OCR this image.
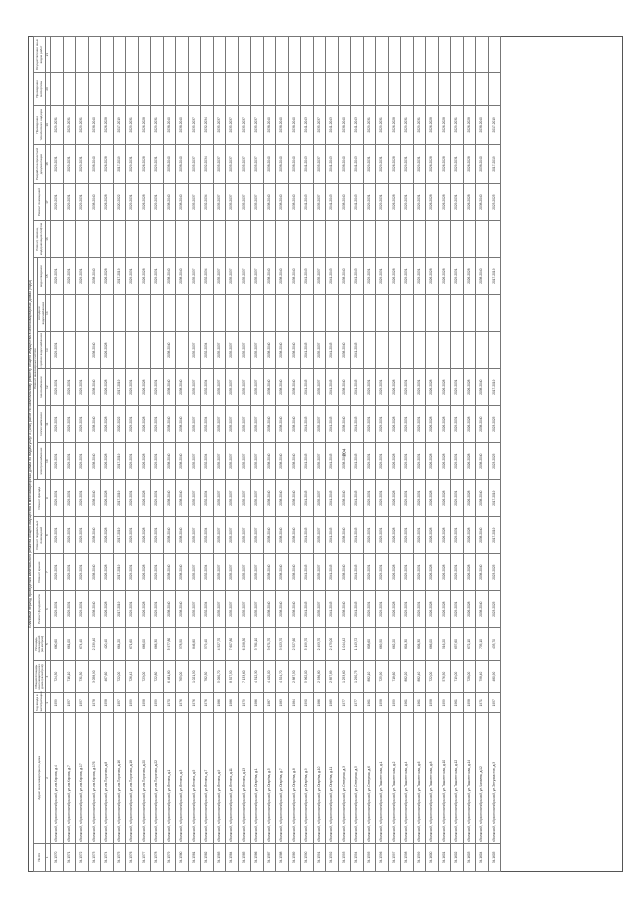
204
Плановый период проведения капитального ремонта общего имущества в многоквартирных домах по видам услуг и (или) работ по капитальному ремонту общего имущества в многоквартирных домах (годы)
№ п/п	Адрес многоквартирного дома	Год ввода в эксплуатацию	Общая площадь многоквартирного дома (кв.метров)	Площадь помещений (кв.метров)	Ремонт фундамента	Ремонт крыши	Ремонт подвальных помещений	Ремонт фасада	Ремонт инженерных систем						Ремонт, замена, модернизация лифтов	Ремонт помещений	Разработка проектной документации	Проведение технического надзора	Проведение экспертизы	Осуществление иных видов работ
									электроснабжение	теплоснабжение	газоснабжение	горячее водоснабжение	холодное водоснабжение	водоотведение						
1	2	3	4	5	6	7	8	9	10	11	12	13	14	15	16	17	18	19	20	21
34.1570	г.Волжский, п.Краснооктябрьский, ул.им.Кирова, д.4	1959	724,30	660,60	2029-2031	2029-2031	2029-2031	2029-2031	2029-2031	2029-2031	2029-2031	2029-2031		2029-2031		2029-2031	2029-2031	2029-2031		
34.1571	г.Волжский, п.Краснооктябрьский, ул.им.Кирова, д.7	1957	716,10	661,00	2029-2031	2029-2031	2029-2031	2029-2031	2029-2031	2029-2031	2029-2031			2029-2031		2029-2031	2029-2031	2029-2031		
34.1572	г.Волжский, п.Краснооктябрьский, ул.им.Кирова, д.17	1957	731,30	674,40	2029-2031	2029-2031	2029-2031	2029-2031	2029-2031	2029-2031	2029-2031			2029-2031		2029-2031	2029-2031	2029-2031		
34.1573	г.Волжский, п.Краснооктябрьский, ул.им.Кирова, д.17б	1978	3 058,90	2 239,40	2038-2040	2038-2040	2038-2040	2038-2040	2038-2040	2038-2040	2038-2040	2038-2040		2038-2040		2038-2040	2038-2040	2038-2040		
34.1574	г.Волжский, п.Краснооктябрьский, ул.им.Пирогова, д.8	1958	467,60	420,40	2026-2028	2026-2028	2026-2028	2026-2028	2026-2028	2026-2028	2026-2028	2026-2028		2026-2028		2026-2028	2026-2028	2026-2028		
34.1575	г.Волжский, п.Краснооктябрьский, ул.им.Пирогова, д.16	1957	722,00	664,20	2017-2019	2017-2019	2017-2019	2017-2019	2017-2019	2020-2022	2017-2019			2017-2019		2020-2022	2017-2019	2017-2019		
34.1576	г.Волжский, п.Краснооктябрьский, ул.им.Пирогова, д.18	1959	726,42	671,60	2029-2031	2029-2031	2029-2031	2029-2031	2029-2031	2029-2031	2029-2031			2029-2031		2029-2031	2029-2031	2029-2031		
34.1577	г.Волжский, п.Краснооктябрьский, ул.им.Пирогова, д.20	1958	723,00	666,00	2026-2028	2026-2028	2026-2028	2026-2028	2026-2028	2026-2028	2026-2028			2026-2028		2026-2028	2026-2028	2026-2028		
34.1578	г.Волжский, п.Краснооктябрьский, ул.им.Пирогова, д.22	1959	722,80	666,30	2029-2031	2029-2031	2029-2031	2029-2031	2029-2031	2029-2031	2029-2031			2029-2031		2029-2031	2029-2031	2029-2031		
34.1579	г.Волжский, п.Краснооктябрьский, ул.Ленина, д.1	1970	6 481,80	5 977,80	2038-2040	2038-2040	2038-2040	2038-2040	2038-2040	2038-2040	2038-2040	2038-2040		2038-2040		2038-2040	2038-2040	2038-2040		
34.1580	г.Волжский, п.Краснооктябрьский, ул.Ленина, д.3	1976	765,00	578,50	2038-2040	2038-2040	2038-2040	2038-2040	2038-2040	2038-2040	2038-2040			2038-2040		2038-2040	2038-2040	2038-2040		
34.1581	г.Волжский, п.Краснооктябрьский, ул.Ленина, д.5	1976	1 021,50	846,80	2035-2037	2035-2037	2035-2037	2035-2037	2035-2037	2035-2037	2035-2037	2035-2037		2035-2037		2035-2037	2035-2037	2035-2037		
34.1582	г.Волжский, п.Краснооктябрьский, ул.Ленина, д.7	1976	782,30	579,40	2032-2034	2032-2034	2032-2034	2032-2034	2032-2034	2032-2034	2032-2034	2032-2034		2032-2034		2032-2034	2032-2034	2032-2034		
34.1583	г.Волжский, п.Краснооктябрьский, ул.Ленина, д.9	1986	5 090,70	4 527,70	2035-2037	2035-2037	2035-2037	2035-2037	2035-2037	2035-2037	2035-2037	2035-2037		2035-2037		2035-2037	2035-2037	2035-2037		
34.1584	г.Волжский, п.Краснооктябрьский, ул.Ленина, д.11	1986	8 527,50	7 607,80	2035-2037	2035-2037	2035-2037	2035-2037	2035-2037	2035-2037	2035-2037	2035-2037		2035-2037		2035-2037	2035-2037	2035-2037		
34.1585	г.Волжский, п.Краснооктябрьский, ул.Ленина, д.13	1979	7 133,60	6 298,30	2035-2037	2035-2037	2035-2037	2035-2037	2035-2037	2035-2037	2035-2037	2035-2037		2035-2037		2035-2037	2035-2037	2035-2037		
34.1586	г.Волжский, п.Краснооктябрьский, ул.Огарёва, д.1	1986	4 512,30	3 781,10	2035-2037	2035-2037	2035-2037	2035-2037	2035-2037	2035-2037	2035-2037	2035-2037		2035-2037		2035-2037	2035-2037	2035-2037		
34.1587	г.Волжский, п.Краснооктябрьский, ул.Огарёва, д.5	1987	4 420,00	3 671,70	2038-2040	2038-2040	2038-2040	2038-2040	2038-2040	2038-2040	2038-2040	2038-2040		2038-2040		2038-2040	2038-2040	2038-2040		
34.1588	г.Волжский, п.Краснооктябрьский, ул.Огарёва, д.7	1983	4 524,70	3 923,70	2038-2040	2038-2040	2038-2040	2038-2040	2038-2040	2038-2040	2038-2040	2038-2040		2038-2040		2038-2040	2038-2040	2038-2040		
34.1589	г.Волжский, п.Краснооктябрьский, ул.Огарёва, д.8	1984	2 887,50	2 527,60	2038-2040	2038-2040	2038-2040	2038-2040	2038-2040	2038-2040	2038-2040	2038-2040		2038-2040		2038-2040	2038-2040	2038-2040		
34.1590	г.Волжский, п.Краснооктябрьский, ул.Огарёва, д.9	1990	5 962,00	5 199,70	2041-2043	2041-2043	2041-2043	2041-2043	2041-2043	2041-2043	2041-2043	2041-2043		2041-2043		2041-2043	2041-2043	2041-2043		
34.1591	г.Волжский, п.Краснооктябрьский, ул.Огарёва, д.10	1986	2 936,80	2 493,70	2035-2037	2035-2037	2035-2037	2035-2037	2035-2037	2035-2037	2035-2037	2035-2037		2035-2037		2035-2037	2035-2037	2035-2037		
34.1592	г.Волжский, п.Краснооктябрьский, ул.Огарёва, д.11	1985	2 857,89	2 475,00	2041-2043	2041-2043	2041-2043	2041-2043	2041-2043	2041-2043	2041-2043	2041-2043		2041-2043		2041-2043	2041-2043	2041-2043		
34.1593	г.Волжский, п.Краснооктябрьский, ул.Северная, д.3	1977	1 253,60	1 044,42	2038-2040	2038-2040	2038-2040	2038-2040	2038-2040	2038-2040	2038-2040	2038-2040		2038-2040		2038-2040	2038-2040	2038-2040		
34.1594	г.Волжский, п.Краснооктябрьский, ул.Северная, д.5	1977	1 290,75	1 143,72	2041-2043	2041-2043	2041-2043	2041-2043	2041-2043	2041-2043	2041-2043	2041-2043		2041-2043		2041-2043	2041-2043	2041-2043		
34.1595	г.Волжский, п.Краснооктябрьский, ул.Северная, д.6	1961	882,10	808,60	2029-2031	2029-2031	2029-2031	2029-2031	2029-2031	2029-2031	2029-2031			2029-2031		2029-2031	2029-2031	2029-2031		
34.1596	г.Волжский, п.Краснооктябрьский, ул.Ташкентская, д.1	1958	725,90	669,50	2029-2031	2029-2031	2029-2031	2029-2031	2029-2031	2029-2031	2029-2031			2029-2031		2029-2031	2029-2031	2029-2031		
34.1597	г.Волжский, п.Краснооктябрьский, ул.Ташкентская, д.2	1959	718,60	662,20	2026-2028	2026-2028	2026-2028	2026-2028	2026-2028	2026-2028	2026-2028			2026-2028		2026-2028	2026-2028	2026-2028		
34.1598	г.Волжский, п.Краснооктябрьский, ул.Ташкентская, д.4	1961	882,20	804,30	2029-2031	2029-2031	2029-2031	2029-2031	2029-2031	2029-2031	2029-2031			2029-2031		2029-2031	2029-2031	2029-2031		
34.1599	г.Волжский, п.Краснооктябрьский, ул.Ташкентская, д.6	1961	882,40	806,30	2029-2031	2029-2031	2029-2031	2029-2031	2029-2031	2029-2031	2029-2031			2029-2031		2029-2031	2029-2031	2029-2031		
34.1600	г.Волжский, п.Краснооктябрьский, ул.Ташкентская, д.8	1958	722,00	666,00	2026-2028	2026-2028	2026-2028	2026-2028	2026-2028	2026-2028	2026-2028			2026-2028		2026-2028	2026-2028	2026-2028		
34.1601	г.Волжский, п.Краснооктябрьский, ул.Ташкентская, д.10	1959	576,50	516,20	2026-2028	2026-2028	2026-2028	2026-2028	2026-2028	2026-2028	2026-2028			2026-2028		2026-2028	2026-2028	2026-2028		
34.1602	г.Волжский, п.Краснооктябрьский, ул.Ташкентская, д.12	1961	719,00	657,60	2029-2031	2029-2031	2029-2031	2029-2031	2029-2031	2029-2031	2029-2031			2029-2031		2029-2031	2029-2031	2029-2031		
34.1603	г.Волжский, п.Краснооктябрьский, ул.Ташкентская, д.14	1958	728,00	672,10	2026-2028	2026-2028	2026-2028	2026-2028	2026-2028	2026-2028	2026-2028			2026-2028		2026-2028	2026-2028	2026-2028		
34.1604	г.Волжский, п.Краснооктябрьский, ул.Чапаева, д.12	1971	798,40	735,10	2038-2040	2038-2040	2038-2040	2038-2040	2038-2040	2038-2040	2038-2040			2038-2040		2038-2040	2038-2040	2038-2040		
34.1605	г.Волжский, п.Краснооктябрьский, ул.Энтузиастов, д.3	1957	480,90	433,70	2023-2025	2023-2025	2017-2019	2017-2019	2023-2025	2023-2025	2017-2019			2017-2019		2023-2025	2017-2019	2017-2019		
